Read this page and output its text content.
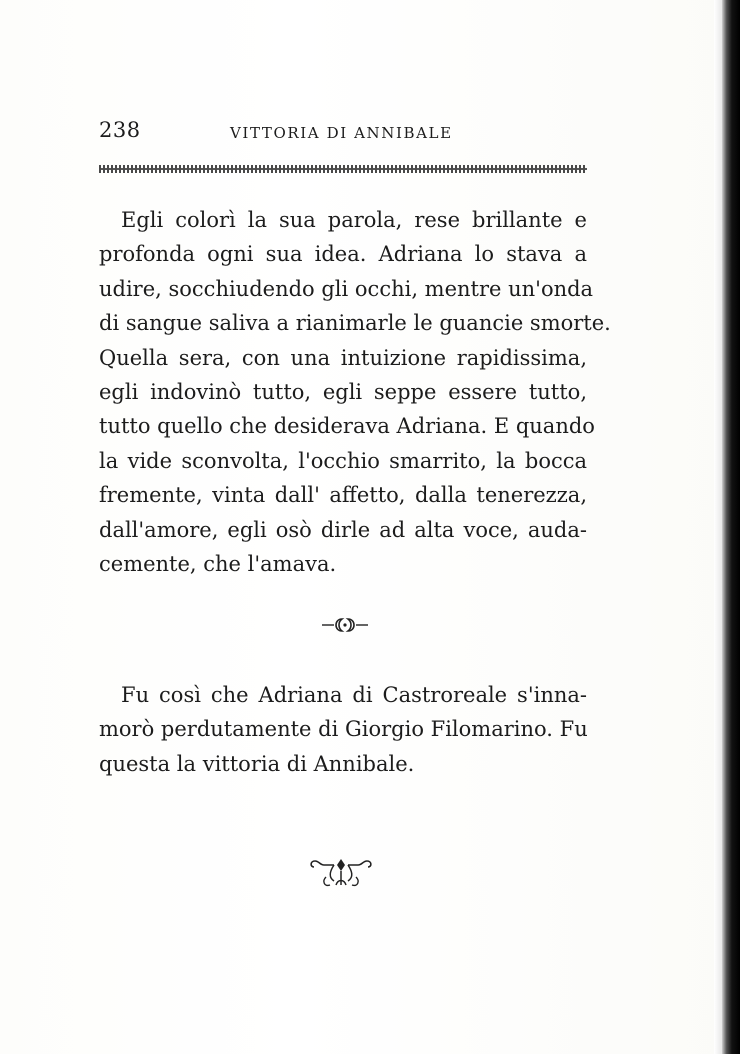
238	VITTORIA DI ANNIBALE
Egli colorì la sua parola, rese brillante e
profonda ogni sua idea. Adriana lo stava a
udire, socchiudendo gli occhi, mentre un'onda
di sangue saliva a rianimarle le guancie smorte.
Quella sera, con una intuizione rapidissima,
egli indovinò tutto, egli seppe essere tutto,
tutto quello che desiderava Adriana. E quando
la vide sconvolta, l'occhio smarrito, la bocca
fremente, vinta dall' affetto, dalla tenerezza,
dall'amore, egli osò dirle ad alta voce, auda-
cemente, che l'amava.
Fu così che Adriana di Castroreale s'inna-
morò perdutamente di Giorgio Filomarino. Fu
questa la vittoria di Annibale.
